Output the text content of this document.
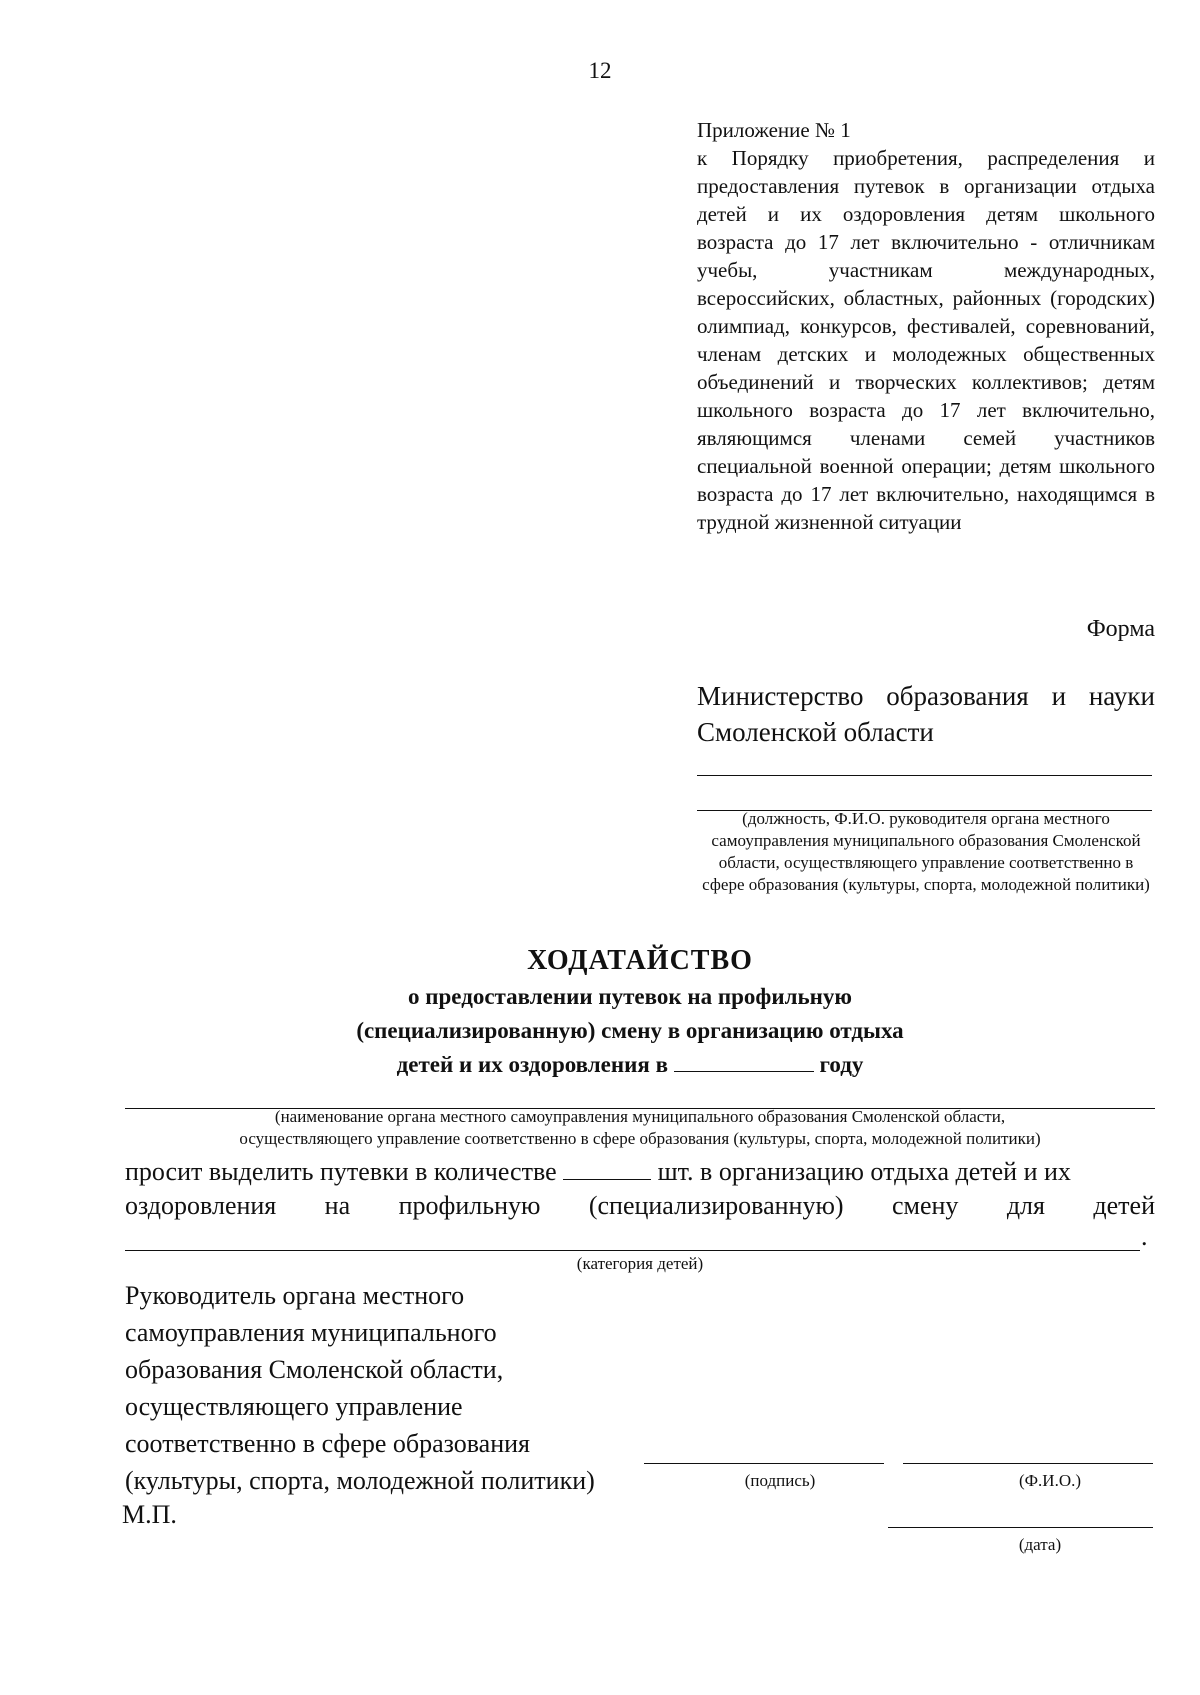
12
Приложение № 1
к Порядку приобретения, распределения и предоставления путевок в организации отдыха детей и их оздоровления детям школьного возраста до 17 лет включительно - отличникам учебы, участникам международных, всероссийских, областных, районных (городских) олимпиад, конкурсов, фестивалей, соревнований, членам детских и молодежных общественных объединений и творческих коллективов; детям школьного возраста до 17 лет включительно, являющимся членами семей участников специальной военной операции; детям школьного возраста до 17 лет включительно, находящимся в трудной жизненной ситуации
Форма
Министерство образования и науки
Смоленской области
(должность, Ф.И.О. руководителя органа местного самоуправления муниципального образования Смоленской области, осуществляющего управление соответственно в сфере образования (культуры, спорта, молодежной политики)
ХОДАТАЙСТВО
о предоставлении путевок на профильную
(специализированную) смену в организацию отдыха
детей и их оздоровления в	году
(наименование органа местного самоуправления муниципального образования Смоленской области,
осуществляющего управление соответственно в сфере образования (культуры, спорта, молодежной политики)
просит выделить путевки в количестве	шт. в организацию отдыха детей и их
оздоровления на профильную (специализированную) смену для детей
.
(категория детей)
Руководитель органа местного
самоуправления муниципального
образования Смоленской области,
осуществляющего управление
соответственно в сфере образования
(культуры, спорта, молодежной политики)	(подпись)	(Ф.И.О.)
М.П.
(дата)
